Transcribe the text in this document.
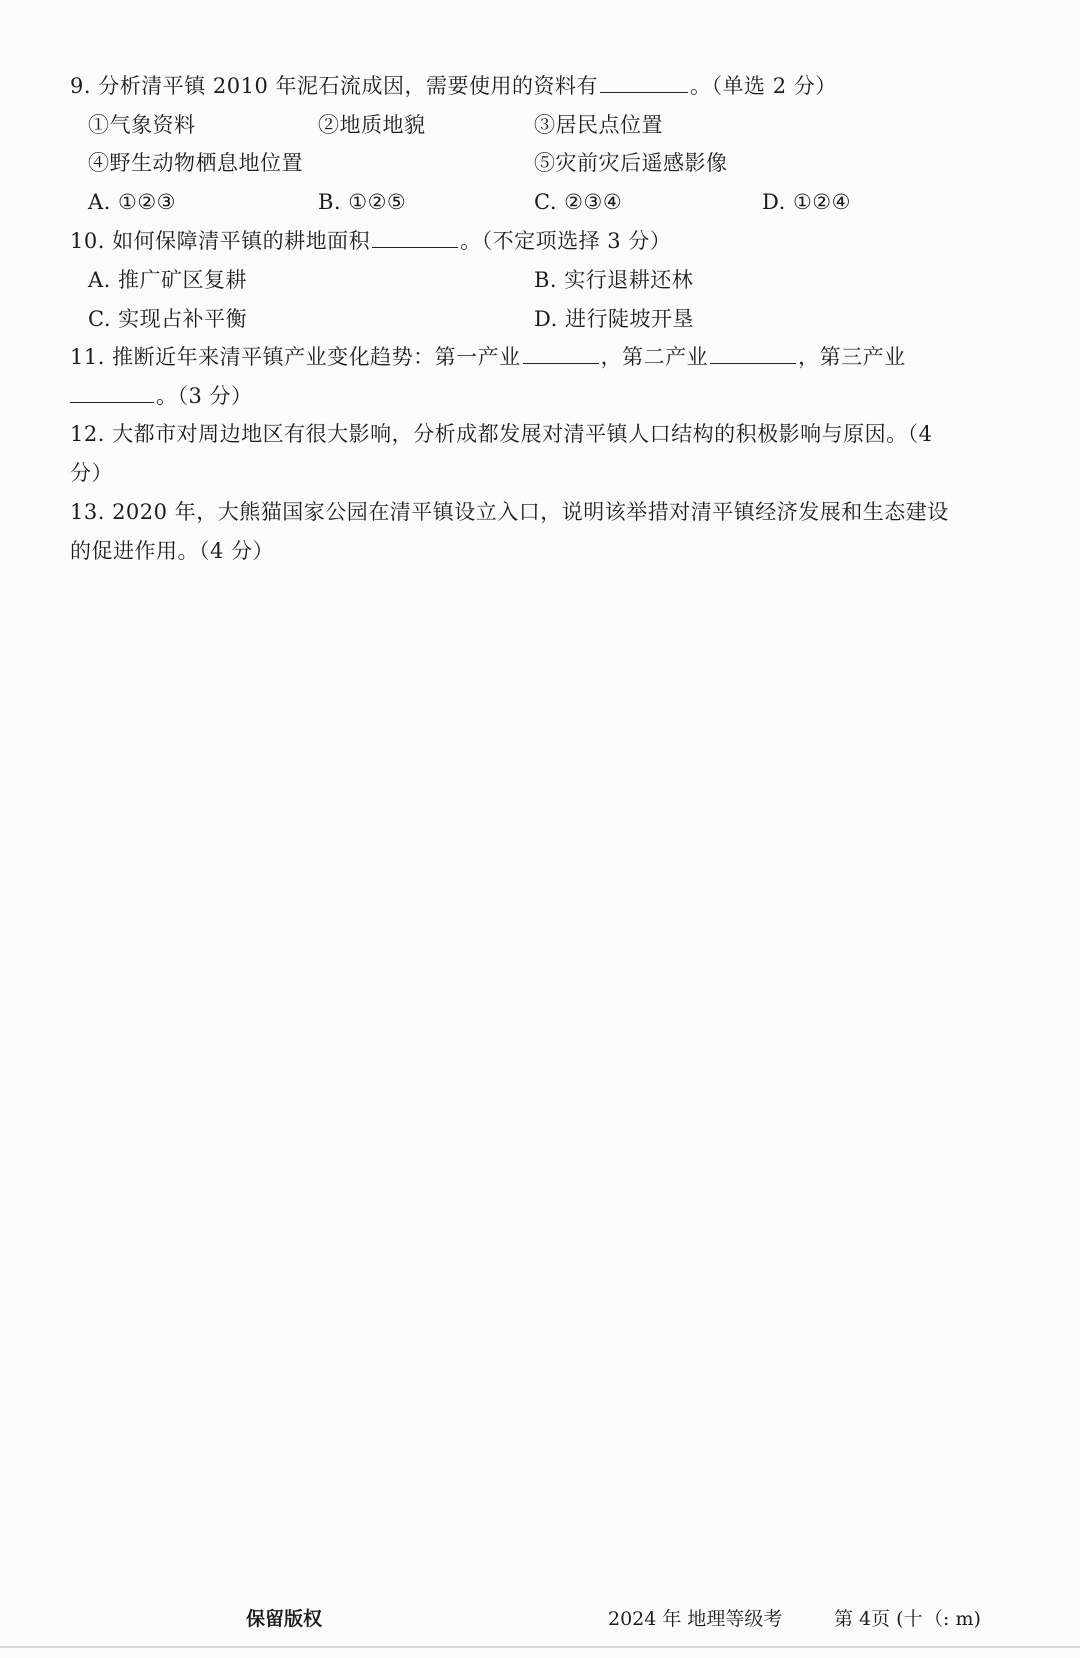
9. 分析清平镇 2010 年泥石流成因，需要使用的资料有	。（单选 2 分）
①气象资料	②地质地貌	③居民点位置
④野生动物栖息地位置	⑤灾前灾后遥感影像
A. ①②③	B. ①②⑤	C. ②③④	D. ①②④
10. 如何保障清平镇的耕地面积	。（不定项选择 3 分）
A. 推广矿区复耕	B. 实行退耕还林
C. 实现占补平衡	D. 进行陡坡开垦
11. 推断近年来清平镇产业变化趋势：第一产业	，第二产业	，第三产业
。（3 分）
12. 大都市对周边地区有很大影响，分析成都发展对清平镇人口结构的积极影响与原因。（4
分）
13. 2020 年，大熊猫国家公园在清平镇设立入口，说明该举措对清平镇经济发展和生态建设
的促进作用。（4 分）
保留版权	2024 年 地理等级考	第 4页 (十 （: m)
